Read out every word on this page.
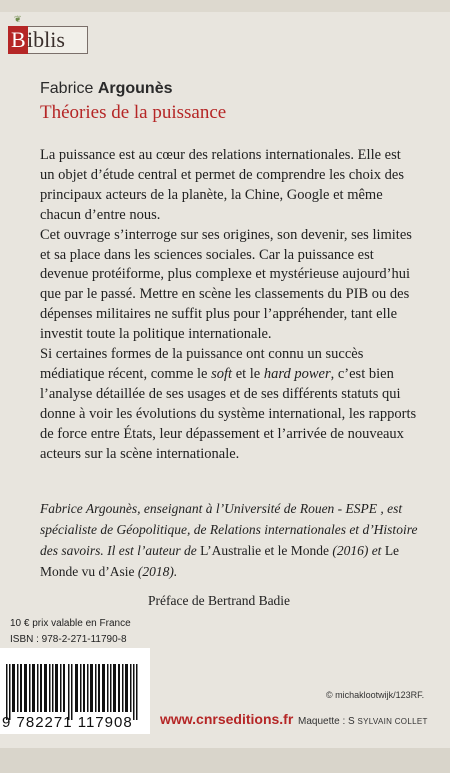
❦
B iblis
Fabrice Argounès
Théories de la puissance

La puissance est au cœur des relations internationales. Elle est un objet d’étude central et permet de comprendre les choix des principaux acteurs de la planète, la Chine, Google et même chacun d’entre nous.

Cet ouvrage s’interroge sur ses origines, son devenir, ses limites et sa place dans les sciences sociales. Car la puissance est devenue protéiforme, plus complexe et mystérieuse aujourd’hui que par le passé. Mettre en scène les classements du PIB ou des dépenses militaires ne suffit plus pour l’appréhender, tant elle investit toute la politique internationale.

Si certaines formes de la puissance ont connu un succès médiatique récent, comme le soft et le hard power, c’est bien l’analyse détaillée de ses usages et de ses différents statuts qui donne à voir les évolutions du système international, les rapports de force entre États, leur dépassement et l’arrivée de nouveaux acteurs sur la scène internationale.

Fabrice Argounès, enseignant à l’Université de Rouen - ESPE , est spécialiste de Géopolitique, de Relations internationales et d’Histoire des savoirs. Il est l’auteur de L’Australie et le Monde (2016) et Le Monde vu d’Asie (2018).
Préface de Bertrand Badie
10 € prix valable en France
ISBN : 978-2-271-11790-8
9 782271 117908 www.cnrseditions.fr
© michaklootwijk/123RF.
Maquette : S SYLVAIN COLLET
